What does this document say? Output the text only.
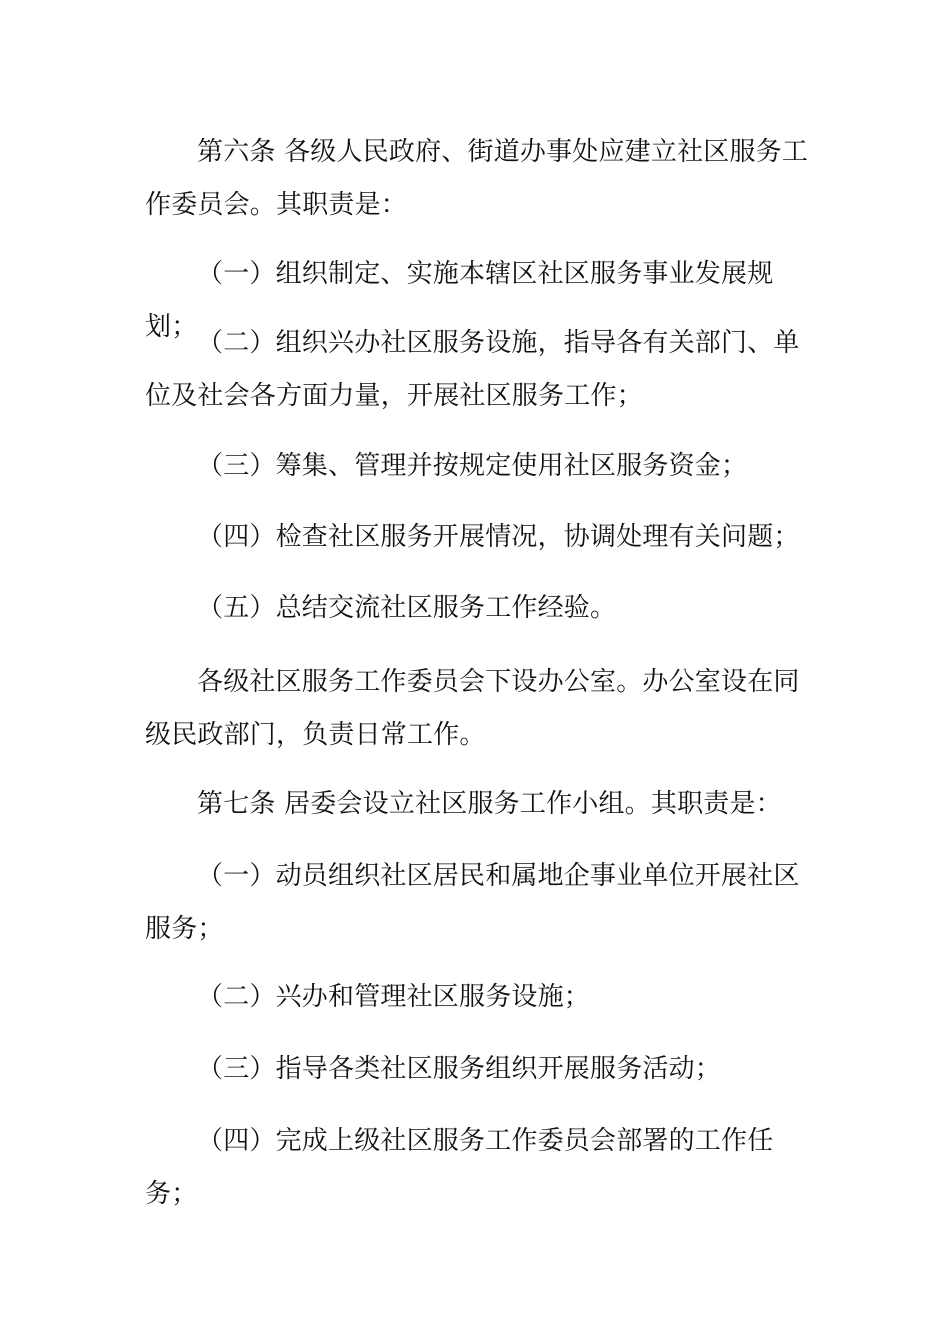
第六条 各级人民政府、街道办事处应建立社区服务工作委员会。其职责是：

（一）组织制定、实施本辖区社区服务事业发展规划；

（二）组织兴办社区服务设施，指导各有关部门、单位及社会各方面力量，开展社区服务工作；

（三）筹集、管理并按规定使用社区服务资金；

（四）检查社区服务开展情况，协调处理有关问题；

（五）总结交流社区服务工作经验。

各级社区服务工作委员会下设办公室。办公室设在同级民政部门，负责日常工作。

第七条 居委会设立社区服务工作小组。其职责是：

（一）动员组织社区居民和属地企事业单位开展社区服务；

（二）兴办和管理社区服务设施；

（三）指导各类社区服务组织开展服务活动；

（四）完成上级社区服务工作委员会部署的工作任务；
